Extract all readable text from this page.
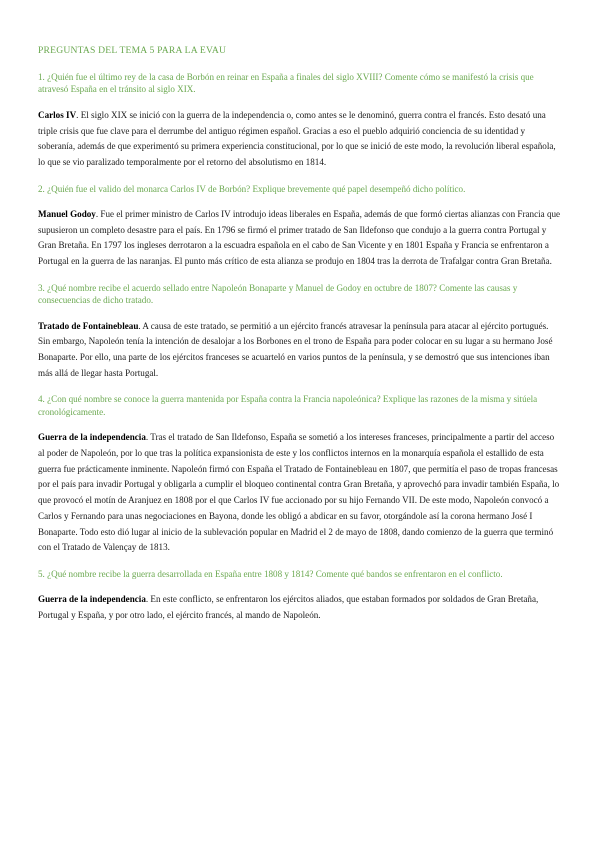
PREGUNTAS DEL TEMA 5 PARA LA EVAU

1. ¿Quién fue el último rey de la casa de Borbón en reinar en España a finales del siglo XVIII? Comente cómo se manifestó la crisis que atravesó España en el tránsito al siglo XIX.

Carlos IV. El siglo XIX se inició con la guerra de la independencia o, como antes se le denominó, guerra contra el francés. Esto desató una triple crisis que fue clave para el derrumbe del antiguo régimen español. Gracias a eso el pueblo adquirió conciencia de su identidad y soberanía, además de que experimentó su primera experiencia constitucional, por lo que se inició de este modo, la revolución liberal española, lo que se vio paralizado temporalmente por el retorno del absolutismo en 1814.

2. ¿Quién fue el valido del monarca Carlos IV de Borbón? Explique brevemente qué papel desempeñó dicho político.

Manuel Godoy. Fue el primer ministro de Carlos IV introdujo ideas liberales en España, además de que formó ciertas alianzas con Francia que supusieron un completo desastre para el país. En 1796 se firmó el primer tratado de San Ildefonso que condujo a la guerra contra Portugal y Gran Bretaña. En 1797 los ingleses derrotaron a la escuadra española en el cabo de San Vicente y en 1801 España y Francia se enfrentaron a Portugal en la guerra de las naranjas. El punto más crítico de esta alianza se produjo en 1804 tras la derrota de Trafalgar contra Gran Bretaña.

3. ¿Qué nombre recibe el acuerdo sellado entre Napoleón Bonaparte y Manuel de Godoy en octubre de 1807? Comente las causas y consecuencias de dicho tratado.

Tratado de Fontainebleau. A causa de este tratado, se permitió a un ejército francés atravesar la península para atacar al ejército portugués. Sin embargo, Napoleón tenía la intención de desalojar a los Borbones en el trono de España para poder colocar en su lugar a su hermano José Bonaparte. Por ello, una parte de los ejércitos franceses se acuarteló en varios puntos de la península, y se demostró que sus intenciones iban más allá de llegar hasta Portugal.

4. ¿Con qué nombre se conoce la guerra mantenida por España contra la Francia napoleónica? Explique las razones de la misma y sitúela cronológicamente.

Guerra de la independencia. Tras el tratado de San Ildefonso, España se sometió a los intereses franceses, principalmente a partir del acceso al poder de Napoleón, por lo que tras la política expansionista de este y los conflictos internos en la monarquía española el estallido de esta guerra fue prácticamente inminente. Napoleón firmó con España el Tratado de Fontainebleau en 1807, que permitía el paso de tropas francesas por el país para invadir Portugal y obligarla a cumplir el bloqueo continental contra Gran Bretaña, y aprovechó para invadir también España, lo que provocó el motín de Aranjuez en 1808 por el que Carlos IV fue accionado por su hijo Fernando VII. De este modo, Napoleón convocó a Carlos y Fernando para unas negociaciones en Bayona, donde les obligó a abdicar en su favor, otorgándole así la corona hermano José I Bonaparte. Todo esto dió lugar al inicio de la sublevación popular en Madrid el 2 de mayo de 1808, dando comienzo de la guerra que terminó con el Tratado de Valençay de 1813.

5. ¿Qué nombre recibe la guerra desarrollada en España entre 1808 y 1814? Comente qué bandos se enfrentaron en el conflicto.

Guerra de la independencia. En este conflicto, se enfrentaron los ejércitos aliados, que estaban formados por soldados de Gran Bretaña, Portugal y España, y por otro lado, el ejército francés, al mando de Napoleón.
